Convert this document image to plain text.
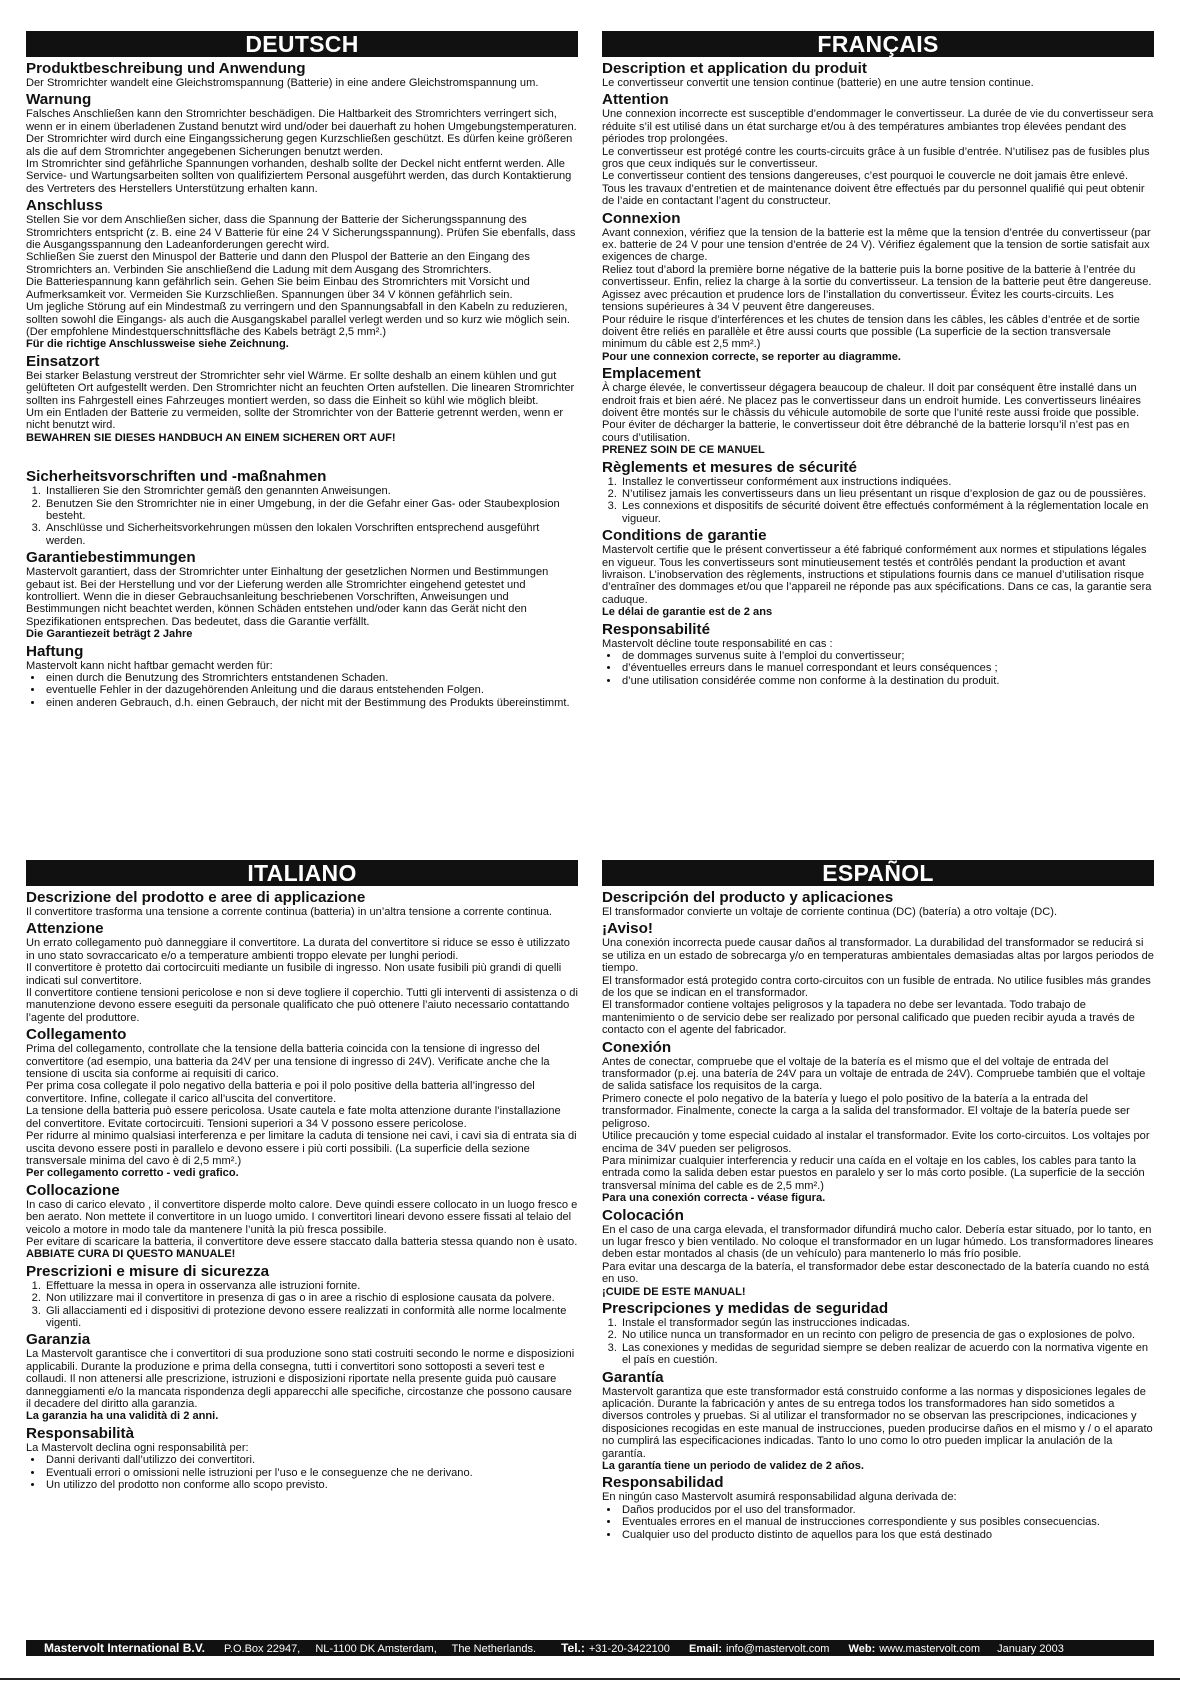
DEUTSCH
Produktbeschreibung und Anwendung

Der Stromrichter wandelt eine Gleichstromspannung (Batterie) in eine andere Gleichstromspannung um.

Warnung

Falsches Anschließen kann den Stromrichter beschädigen. Die Haltbarkeit des Stromrichters verringert sich, wenn er in einem überladenen Zustand benutzt wird und/oder bei dauerhaft zu hohen Umgebungstemperaturen.

Der Stromrichter wird durch eine Eingangssicherung gegen Kurzschließen geschützt. Es dürfen keine größeren als die auf dem Stromrichter angegebenen Sicherungen benutzt werden.

Im Stromrichter sind gefährliche Spannungen vorhanden, deshalb sollte der Deckel nicht entfernt werden. Alle Service- und Wartungsarbeiten sollten von qualifiziertem Personal ausgeführt werden, das durch Kontaktierung des Vertreters des Herstellers Unterstützung erhalten kann.

Anschluss

Stellen Sie vor dem Anschließen sicher, dass die Spannung der Batterie der Sicherungsspannung des Stromrichters entspricht (z. B. eine 24 V Batterie für eine 24 V Sicherungsspannung). Prüfen Sie ebenfalls, dass die Ausgangsspannung den Ladeanforderungen gerecht wird.

Schließen Sie zuerst den Minuspol der Batterie und dann den Pluspol der Batterie an den Eingang des Stromrichters an. Verbinden Sie anschließend die Ladung mit dem Ausgang des Stromrichters.

Die Batteriespannung kann gefährlich sein. Gehen Sie beim Einbau des Stromrichters mit Vorsicht und Aufmerksamkeit vor. Vermeiden Sie Kurzschließen. Spannungen über 34 V können gefährlich sein.

Um jegliche Störung auf ein Mindestmaß zu verringern und den Spannungsabfall in den Kabeln zu reduzieren, sollten sowohl die Eingangs- als auch die Ausgangskabel parallel verlegt werden und so kurz wie möglich sein. (Der empfohlene Mindestquerschnittsfläche des Kabels beträgt 2,5 mm².)

Für die richtige Anschlussweise siehe Zeichnung.

Einsatzort

Bei starker Belastung verstreut der Stromrichter sehr viel Wärme. Er sollte deshalb an einem kühlen und gut gelüfteten Ort aufgestellt werden. Den Stromrichter nicht an feuchten Orten aufstellen. Die linearen Stromrichter sollten ins Fahrgestell eines Fahrzeuges montiert werden, so dass die Einheit so kühl wie möglich bleibt.

Um ein Entladen der Batterie zu vermeiden, sollte der Stromrichter von der Batterie getrennt werden, wenn er nicht benutzt wird.

BEWAHREN SIE DIESES HANDBUCH AN EINEM SICHEREN ORT AUF!

Sicherheitsvorschriften und -maßnahmen
1. Installieren Sie den Stromrichter gemäß den genannten Anweisungen.
2. Benutzen Sie den Stromrichter nie in einer Umgebung, in der die Gefahr einer Gas- oder Staubexplosion besteht.
3. Anschlüsse und Sicherheitsvorkehrungen müssen den lokalen Vorschriften entsprechend ausgeführt werden.
Garantiebestimmungen

Mastervolt garantiert, dass der Stromrichter unter Einhaltung der gesetzlichen Normen und Bestimmungen gebaut ist. Bei der Herstellung und vor der Lieferung werden alle Stromrichter eingehend getestet und kontrolliert. Wenn die in dieser Gebrauchsanleitung beschriebenen Vorschriften, Anweisungen und Bestimmungen nicht beachtet werden, können Schäden entstehen und/oder kann das Gerät nicht den Spezifikationen entsprechen. Das bedeutet, dass die Garantie verfällt.

Die Garantiezeit beträgt 2 Jahre

Haftung

Mastervolt kann nicht haftbar gemacht werden für:

• einen durch die Benutzung des Stromrichters entstandenen Schaden.
• eventuelle Fehler in der dazugehörenden Anleitung und die daraus entstehenden Folgen.
• einen anderen Gebrauch, d.h. einen Gebrauch, der nicht mit der Bestimmung des Produkts übereinstimmt.
FRANÇAIS
Description et application du produit

Le convertisseur convertit une tension continue (batterie) en une autre tension continue.

Attention

Une connexion incorrecte est susceptible d’endommager le convertisseur. La durée de vie du convertisseur sera réduite s’il est utilisé dans un état surcharge et/ou à des températures ambiantes trop élevées pendant des périodes trop prolongées.

Le convertisseur est protégé contre les courts-circuits grâce à un fusible d’entrée. N’utilisez pas de fusibles plus gros que ceux indiqués sur le convertisseur.

Le convertisseur contient des tensions dangereuses, c’est pourquoi le couvercle ne doit jamais être enlevé. Tous les travaux d’entretien et de maintenance doivent être effectués par du personnel qualifié qui peut obtenir de l’aide en contactant l’agent du constructeur.

Connexion

Avant connexion, vérifiez que la tension de la batterie est la même que la tension d’entrée du convertisseur (par ex. batterie de 24 V pour une tension d’entrée de 24 V). Vérifiez également que la tension de sortie satisfait aux exigences de charge.

Reliez tout d’abord la première borne négative de la batterie puis la borne positive de la batterie à l’entrée du convertisseur. Enfin, reliez la charge à la sortie du convertisseur. La tension de la batterie peut être dangereuse.

Agissez avec précaution et prudence lors de l’installation du convertisseur. Évitez les courts-circuits. Les tensions supérieures à 34 V peuvent être dangereuses.

Pour réduire le risque d’interférences et les chutes de tension dans les câbles, les câbles d’entrée et de sortie doivent être reliés en parallèle et être aussi courts que possible (La superficie de la section transversale minimum du câble est 2,5 mm².)

Pour une connexion correcte, se reporter au diagramme.

Emplacement

À charge élevée, le convertisseur dégagera beaucoup de chaleur. Il doit par conséquent être installé dans un endroit frais et bien aéré. Ne placez pas le convertisseur dans un endroit humide. Les convertisseurs linéaires doivent être montés sur le châssis du véhicule automobile de sorte que l’unité reste aussi froide que possible.

Pour éviter de décharger la batterie, le convertisseur doit être débranché de la batterie lorsqu’il n’est pas en cours d’utilisation.

PRENEZ SOIN DE CE MANUEL

Règlements et mesures de sécurité
1. Installez le convertisseur conformément aux instructions indiquées.
2. N’utilisez jamais les convertisseurs dans un lieu présentant un risque d’explosion de gaz ou de poussières.
3. Les connexions et dispositifs de sécurité doivent être effectués conformément à la réglementation locale en vigueur.
Conditions de garantie

Mastervolt certifie que le présent convertisseur a été fabriqué conformément aux normes et stipulations légales en vigueur. Tous les convertisseurs sont minutieusement testés et contrôlés pendant la production et avant livraison. L’inobservation des règlements, instructions et stipulations fournis dans ce manuel d’utilisation risque d’entraîner des dommages et/ou que l’appareil ne réponde pas aux spécifications. Dans ce cas, la garantie sera caduque.

Le délai de garantie est de 2 ans

Responsabilité

Mastervolt décline toute responsabilité en cas :

• de dommages survenus suite à l’emploi du convertisseur;
• d’éventuelles erreurs dans le manuel correspondant et leurs conséquences ;
• d’une utilisation considérée comme non conforme à la destination du produit.
ITALIANO
Descrizione del prodotto e aree di applicazione

Il convertitore trasforma una tensione a corrente continua (batteria) in un’altra tensione a corrente continua.

Attenzione

Un errato collegamento può danneggiare il convertitore. La durata del convertitore si riduce se esso è utilizzato in uno stato sovraccaricato e/o a temperature ambienti troppo elevate per lunghi periodi.

Il convertitore è protetto dai cortocircuiti mediante un fusibile di ingresso. Non usate fusibili più grandi di quelli indicati sul convertitore.

Il convertitore contiene tensioni pericolose e non si deve togliere il coperchio. Tutti gli interventi di assistenza o di manutenzione devono essere eseguiti da personale qualificato che può ottenere l’aiuto necessario contattando l’agente del produttore.

Collegamento

Prima del collegamento, controllate che la tensione della batteria coincida con la tensione di ingresso del convertitore (ad esempio, una batteria da 24V per una tensione di ingresso di 24V). Verificate anche che la tensione di uscita sia conforme ai requisiti di carico.

Per prima cosa collegate il polo negativo della batteria e poi il polo positive della batteria all’ingresso del convertitore. Infine, collegate il carico all’uscita del convertitore.

La tensione della batteria può essere pericolosa. Usate cautela e fate molta attenzione durante l’installazione del convertitore. Evitate cortocircuiti. Tensioni superiori a 34 V possono essere pericolose.

Per ridurre al minimo qualsiasi interferenza e per limitare la caduta di tensione nei cavi, i cavi sia di entrata sia di uscita devono essere posti in parallelo e devono essere i più corti possibili. (La superficie della sezione transversale minima del cavo è di 2,5 mm².)

Per collegamento corretto - vedi grafico.

Collocazione

In caso di carico elevato , il convertitore disperde molto calore. Deve quindi essere collocato in un luogo fresco e ben aerato. Non mettete il convertitore in un luogo umido. I convertitori lineari devono essere fissati al telaio del veicolo a motore in modo tale da mantenere l’unità la più fresca possibile.

Per evitare di scaricare la batteria, il convertitore deve essere staccato dalla batteria stessa quando non è usato.

ABBIATE CURA DI QUESTO MANUALE!

Prescrizioni e misure di sicurezza
1. Effettuare la messa in opera in osservanza alle istruzioni fornite.
2. Non utilizzare mai il convertitore in presenza di gas o in aree a rischio di esplosione causata da polvere.
3. Gli allacciamenti ed i dispositivi di protezione devono essere realizzati in conformità alle norme localmente vigenti.
Garanzia

La Mastervolt garantisce che i convertitori di sua produzione sono stati costruiti secondo le norme e disposizioni applicabili. Durante la produzione e prima della consegna, tutti i convertitori sono sottoposti a severi test e collaudi. Il non attenersi alle prescrizione, istruzioni e disposizioni riportate nella presente guida può causare danneggiamenti e/o la mancata rispondenza degli apparecchi alle specifiche, circostanze che possono causare il decadere del diritto alla garanzia.

La garanzia ha una validità di 2 anni.

Responsabilità

La Mastervolt declina ogni responsabilità per:

• Danni derivanti dall’utilizzo dei convertitori.
• Eventuali errori o omissioni nelle istruzioni per l’uso e le conseguenze che ne derivano.
• Un utilizzo del prodotto non conforme allo scopo previsto.
ESPAÑOL
Descripción del producto y aplicaciones

El transformador convierte un voltaje de corriente continua (DC) (batería) a otro voltaje (DC).

¡Aviso!

Una conexión incorrecta puede causar daños al transformador. La durabilidad del transformador se reducirá si se utiliza en un estado de sobrecarga y/o en temperaturas ambientales demasiadas altas por largos periodos de tiempo.

El transformador está protegido contra corto-circuitos con un fusible de entrada. No utilice fusibles más grandes de los que se indican en el transformador.

El transformador contiene voltajes peligrosos y la tapadera no debe ser levantada. Todo trabajo de mantenimiento o de servicio debe ser realizado por personal calificado que pueden recibir ayuda a través de contacto con el agente del fabricador.

Conexión

Antes de conectar, compruebe que el voltaje de la batería es el mismo que el del voltaje de entrada del transformador (p.ej. una batería de 24V para un voltaje de entrada de 24V). Compruebe también que el voltaje de salida satisface los requisitos de la carga.

Primero conecte el polo negativo de la batería y luego el polo positivo de la batería a la entrada del transformador. Finalmente, conecte la carga a la salida del transformador. El voltaje de la batería puede ser peligroso.

Utilice precaución y tome especial cuidado al instalar el transformador. Evite los corto-circuitos. Los voltajes por encima de 34V pueden ser peligrosos.

Para minimizar cualquier interferencia y reducir una caída en el voltaje en los cables, los cables para tanto la entrada como la salida deben estar puestos en paralelo y ser lo más corto posible. (La superficie de la sección transversal mínima del cable es de 2,5 mm².)

Para una conexión correcta - véase figura.

Colocación

En el caso de una carga elevada, el transformador difundirá mucho calor. Debería estar situado, por lo tanto, en un lugar fresco y bien ventilado. No coloque el transformador en un lugar húmedo. Los transformadores lineares deben estar montados al chasis (de un vehículo) para mantenerlo lo más frío posible.

Para evitar una descarga de la batería, el transformador debe estar desconectado de la batería cuando no está en uso.

¡CUIDE DE ESTE MANUAL!

Prescripciones y medidas de seguridad
1. Instale el transformador según las instrucciones indicadas.
2. No utilice nunca un transformador en un recinto con peligro de presencia de gas o explosiones de polvo.
3. Las conexiones y medidas de seguridad siempre se deben realizar de acuerdo con la normativa vigente en el país en cuestión.
Garantía

Mastervolt garantiza que este transformador está construido conforme a las normas y disposiciones legales de aplicación. Durante la fabricación y antes de su entrega todos los transformadores han sido sometidos a diversos controles y pruebas. Si al utilizar el transformador no se observan las prescripciones, indicaciones y disposiciones recogidas en este manual de instrucciones, pueden producirse daños en el mismo y / o el aparato no cumplirá las especificaciones indicadas. Tanto lo uno como lo otro pueden implicar la anulación de la garantía.

La garantía tiene un periodo de validez de 2 años.

Responsabilidad

En ningún caso Mastervolt asumirá responsabilidad alguna derivada de:

• Daños producidos por el uso del transformador.
• Eventuales errores en el manual de instrucciones correspondiente y sus posibles consecuencias.
• Cualquier uso del producto distinto de aquellos para los que está destinado
Mastervolt International B.V. P.O.Box 22947, NL-1100 DK Amsterdam, The Netherlands. Tel.: +31-20-3422100 Email: info@mastervolt.com Web: www.mastervolt.com January 2003
